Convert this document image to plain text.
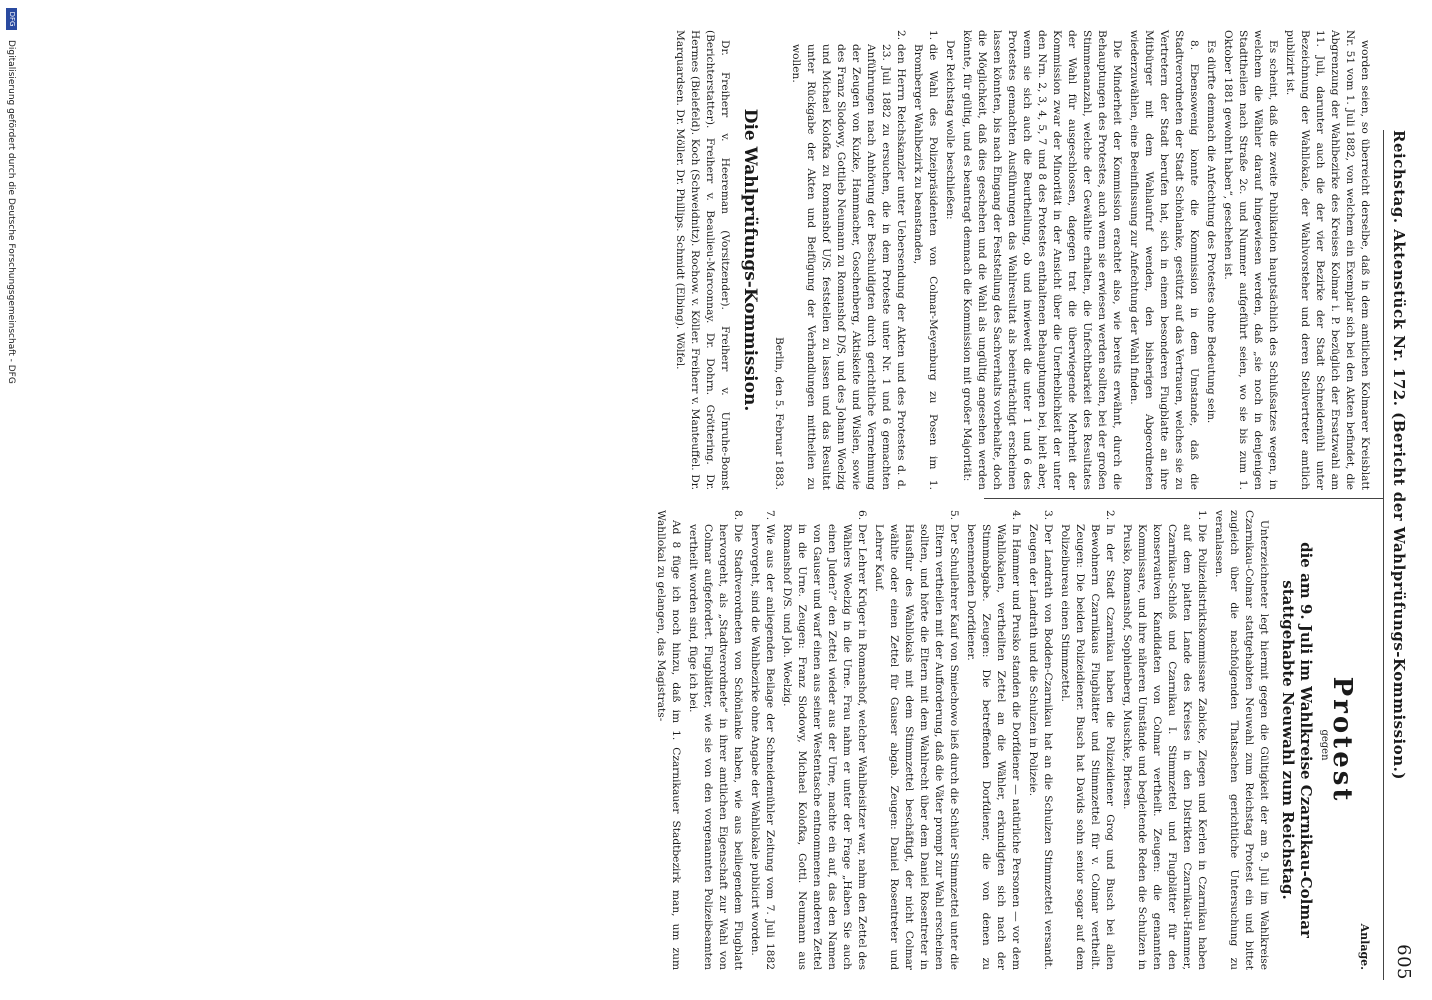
Reichstag. Aktenstück Nr. 172. (Bericht der Wahlprüfungs-Kommission.)
605

worden seien, so überreicht derselbe, daß in dem amtlichen Kolmarer Kreisblatt Nr. 51 vom 1. Juli 1882, von welchem ein Exemplar sich bei den Akten befindet, die Abgrenzung der Wahlbezirke des Kreises Kolmar i. P. bezüglich der Ersatzwahl am 11. Juli, darunter auch die der vier Bezirke der Stadt Schneidemühl unter Bezeichnung der Wahllokale, der Wahlvorsteher und deren Stellvertreter amtlich publizirt ist.

Es scheint, daß die zweite Publikation hauptsächlich des Schlußsatzes wegen, in welchem die Wähler darauf hingewiesen werden, daß „sie noch in denjenigen Stadttheilen nach Straße 2c. und Nummer aufgeführt seien, wo sie bis zum 1. Oktober 1881 gewohnt haben“, geschehen ist.

Es dürfte demnach die Anfechtung des Protestes ohne Bedeutung sein.

8. Ebensowenig konnte die Kommission in dem Umstande, daß die Stadtverordneten der Stadt Schönlanke, gestützt auf das Vertrauen, welches sie zu Vertretern der Stadt berufen hat, sich in einem besonderen Flugblatte an ihre Mitbürger mit dem Wahlaufruf wenden, den bisherigen Abgeordneten wiederzuwählen, eine Beeinflussung zur Anfechtung der Wahl finden.

Die Minderheit der Kommission erachtet also, wie bereits erwähnt, durch die Behauptungen des Protestes, auch wenn sie erwiesen werden sollten, bei der großen Stimmenanzahl, welche der Gewählte erhalten, die Unfechtbarkeit des Resultates der Wahl für ausgeschlossen, dagegen trat die überwiegende Mehrheit der Kommission zwar der Minorität in der Ansicht über die Unerheblichkeit der unter den Nrn. 2, 3, 4, 5, 7 und 8 des Protestes enthaltenen Behauptungen bei, hielt aber, wenn sie sich auch die Beurtheilung, ob und inwieweit die unter 1 und 6 des Protestes gemachten Ausführungen das Wahlresultat als beeinträchtigt erscheinen lassen könnten, bis nach Eingang der Feststellung des Sachverhalts vorbehalte, doch die Möglichkeit, daß dies geschehen und die Wahl als ungültig angesehen werden könnte, für gültig, und es beantragt demnach die Kommission mit großer Majorität:

Der Reichstag wolle beschließen:

1.
die Wahl des Polizeipräsidenten von Colmar-Meyenburg zu Posen im 1. Bromberger Wahlbezirk zu beanstanden,

2.
den Herrn Reichskanzler unter Uebersendung der Akten und des Protestes d. d. 23. Juli 1882 zu ersuchen, die in dem Proteste unter Nr. 1 und 6 gemachten Anführungen nach Anhörung der Beschuldigten durch gerichtliche Vernehmung der Zeugen von Kuzke, Hammacher, Goschenberg, Aktiskeite und Wislen, sowie des Franz Slodowy, Gottlieb Neumann zu Romanshof D/S, und des Johann Woelzig und Michael Kolofka zu Romanshof U/S. feststellen zu lassen und das Resultat unter Rückgabe der Akten und Beifügung der Verhandlungen mittheilen zu wollen.

Berlin, den 5. Februar 1883.

Die Wahlprüfungs-Kommission.

Dr. Freiherr v. Heereman (Vorsitzender). Freiherr v. Unruhe-Bomst (Berichterstatter). Freiherr v. Beaulieu-Marconnay. Dr. Dohrn. Gröttering. Dr. Hermes (Bielefeld). Koch (Schweidnitz). Rochow. v. Köller. Freiherr v. Manteuffel. Dr. Marquardsen. Dr. Möller. Dr. Phillips. Schmidt (Elbing). Wölfel.

Anlage.
Protest

gegen

die am 9. Juli im Wahlkreise Czarnikau-Colmar stattgehabte Neuwahl zum Reichstag.

Unterzeichneter legt hiermit gegen die Gültigkeit der am 9. Juli im Wahlkreise Czarnikau-Colmar stattgehabten Neuwahl zum Reichstag Protest ein und bittet zugleich über die nachfolgenden Thatsachen gerichtliche Untersuchung zu veranlassen.

1.
Die Polizeidistriktskommissare Zabicke, Ziegen und Kerlen in Czarnikau haben auf dem platten Lande des Kreises in den Distrikten Czarnikau-Hammer, Czarnikau-Schloß und Czarnikau I. Stimmzettel und Flugblätter für den konservativen Kandidaten von Colmar vertheilt. Zeugen: die genannten Kommissare, und ihre näheren Umstände und begleitende Reden die Schulzen in Prusko, Romanshof, Sophienberg, Muschke, Briesen.

2.
In der Stadt Czarnikau haben die Polizeidiener Grog und Busch bei allen Bewohnern Czarnikaus Flugblätter und Stimmzettel für v. Colmar vertheilt. Zeugen: Die beiden Polizeidiener. Busch hat Davids sohn senior sogar auf dem Polizeibureau einen Stimmzettel.

3.
Der Landrath von Bodden-Czarnikau hat an die Schulzen Stimmzettel versandt. Zeugen der Landrath und die Schulzen in Polizeie.

4.
In Hammer und Prusko standen die Dorfdiener — natürliche Personen — vor dem Wahllokalen, vertheilten Zettel an die Wähler, erkundigten sich nach der Stimmabgabe. Zeugen: Die betreffenden Dorfdiener, die von denen zu benennenden Dorfdiener.

5.
Der Schullehrer Kauf von Smiechowo ließ durch die Schüler Stimmzettel unter die Eltern vertheilen mit der Aufforderung, daß die Väter prompt zur Wahl erscheinen sollten, und hörte die Eltern mit dem Wahlrecht über dem Daniel Rosentreter in Hausflur des Wahllokals mit dem Stimmzettel beschäftigt, der nicht Colmar wählte oder einen Zettel für Gauser abgab. Zeugen: Daniel Rosentreter und Lehrer Kauf.

6.
Der Lehrer Krüger in Romanshof, welcher Wahlbeisitzer war, nahm den Zettel des Wählers Woelzig in die Urne. Frau nahm er unter der Frage „Haben Sie auch einen Juden?“ den Zettel wieder aus der Urne, machte ein auf, das den Namen von Gauser und warf einen aus seiner Westentasche entnommenen anderen Zettel in die Urne. Zeugen: Franz Slodowy, Michael Kolofka, Gottl. Neumann aus Romanshof D/S. und Joh. Woelzig.

7.
Wie aus der anliegenden Beilage der Schneidemühler Zeitung vom 7. Juli 1882 hervorgeht, sind die Wahlbezirke ohne Angabe der Wahllokale publicirt worden.

8.
Die Stadtverordneten von Schönlanke haben, wie aus beiliegendem Flugblatt hervorgeht, als „Stadtverordnete“ in ihrer amtlichen Eigenschaft zur Wahl von Colmar aufgefordert. Flugblätter, wie sie von den vorgenannten Polizeibeamten vertheilt worden sind, füge ich bei.

Ad 8 füge ich noch hinzu, daß im 1. Czarnikauer Stadtbezirk man, um zum Wahllokal zu gelangen, das Magistrats-

DFG
Digitalisierung gefördert durch die Deutsche Forschungsgemeinschaft - DFG
